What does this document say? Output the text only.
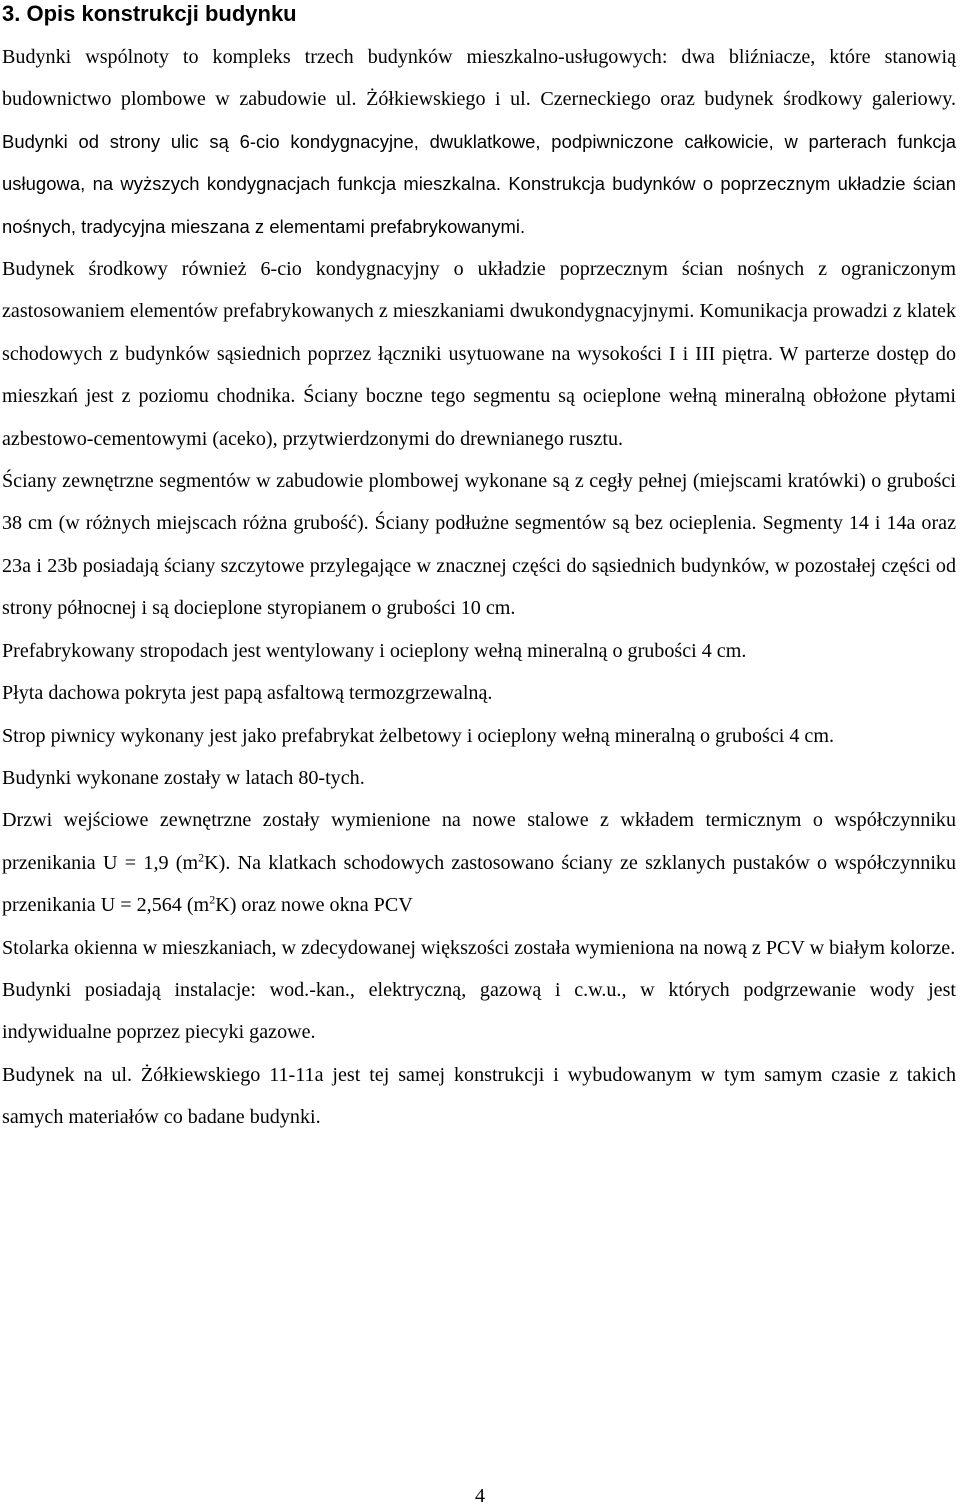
3. Opis konstrukcji budynku

Budynki wspólnoty to kompleks trzech budynków mieszkalno-usługowych: dwa bliźniacze, które stanowią budownictwo plombowe w zabudowie ul. Żółkiewskiego i ul. Czerneckiego oraz budynek środkowy galeriowy. Budynki od strony ulic są 6-cio kondygnacyjne, dwuklatkowe, podpiwniczone całkowicie, w parterach funkcja usługowa, na wyższych kondygnacjach funkcja mieszkalna. Konstrukcja budynków o poprzecznym układzie ścian nośnych, tradycyjna mieszana z elementami prefabrykowanymi.

Budynek środkowy również 6-cio kondygnacyjny o układzie poprzecznym ścian nośnych z ograniczonym zastosowaniem elementów prefabrykowanych z mieszkaniami dwukondygnacyjnymi. Komunikacja prowadzi z klatek schodowych z budynków sąsiednich poprzez łączniki usytuowane na wysokości I i III piętra. W parterze dostęp do mieszkań jest z poziomu chodnika. Ściany boczne tego segmentu są ocieplone wełną mineralną obłożone płytami azbestowo-cementowymi (aceko), przytwierdzonymi do drewnianego rusztu.

Ściany zewnętrzne segmentów w zabudowie plombowej wykonane są z cegły pełnej (miejscami kratówki) o grubości 38 cm (w różnych miejscach różna grubość). Ściany podłużne segmentów są bez ocieplenia. Segmenty 14 i 14a oraz 23a i 23b posiadają ściany szczytowe przylegające w znacznej części do sąsiednich budynków, w pozostałej części od strony północnej i są docieplone styropianem o grubości 10 cm.

Prefabrykowany stropodach jest wentylowany i ocieplony wełną mineralną o grubości 4 cm.

Płyta dachowa pokryta jest papą asfaltową termozgrzewalną.

Strop piwnicy wykonany jest jako prefabrykat żelbetowy i ocieplony wełną mineralną o grubości 4 cm.

Budynki wykonane zostały w latach 80-tych.

Drzwi wejściowe zewnętrzne zostały wymienione na nowe stalowe z wkładem termicznym o współczynniku przenikania U = 1,9 $(m^2K)$. Na klatkach schodowych zastosowano ściany ze szklanych pustaków o współczynniku przenikania U = 2,564 $(m^2K)$ oraz nowe okna PCV

Stolarka okienna w mieszkaniach, w zdecydowanej większości została wymieniona na nową z PCV w białym kolorze.

Budynki posiadają instalacje: wod.-kan., elektryczną, gazową i c.w.u., w których podgrzewanie wody jest indywidualne poprzez piecyki gazowe.

Budynek na ul. Żółkiewskiego 11-11a jest tej samej konstrukcji i wybudowanym w tym samym czasie z takich samych materiałów co badane budynki.

4
